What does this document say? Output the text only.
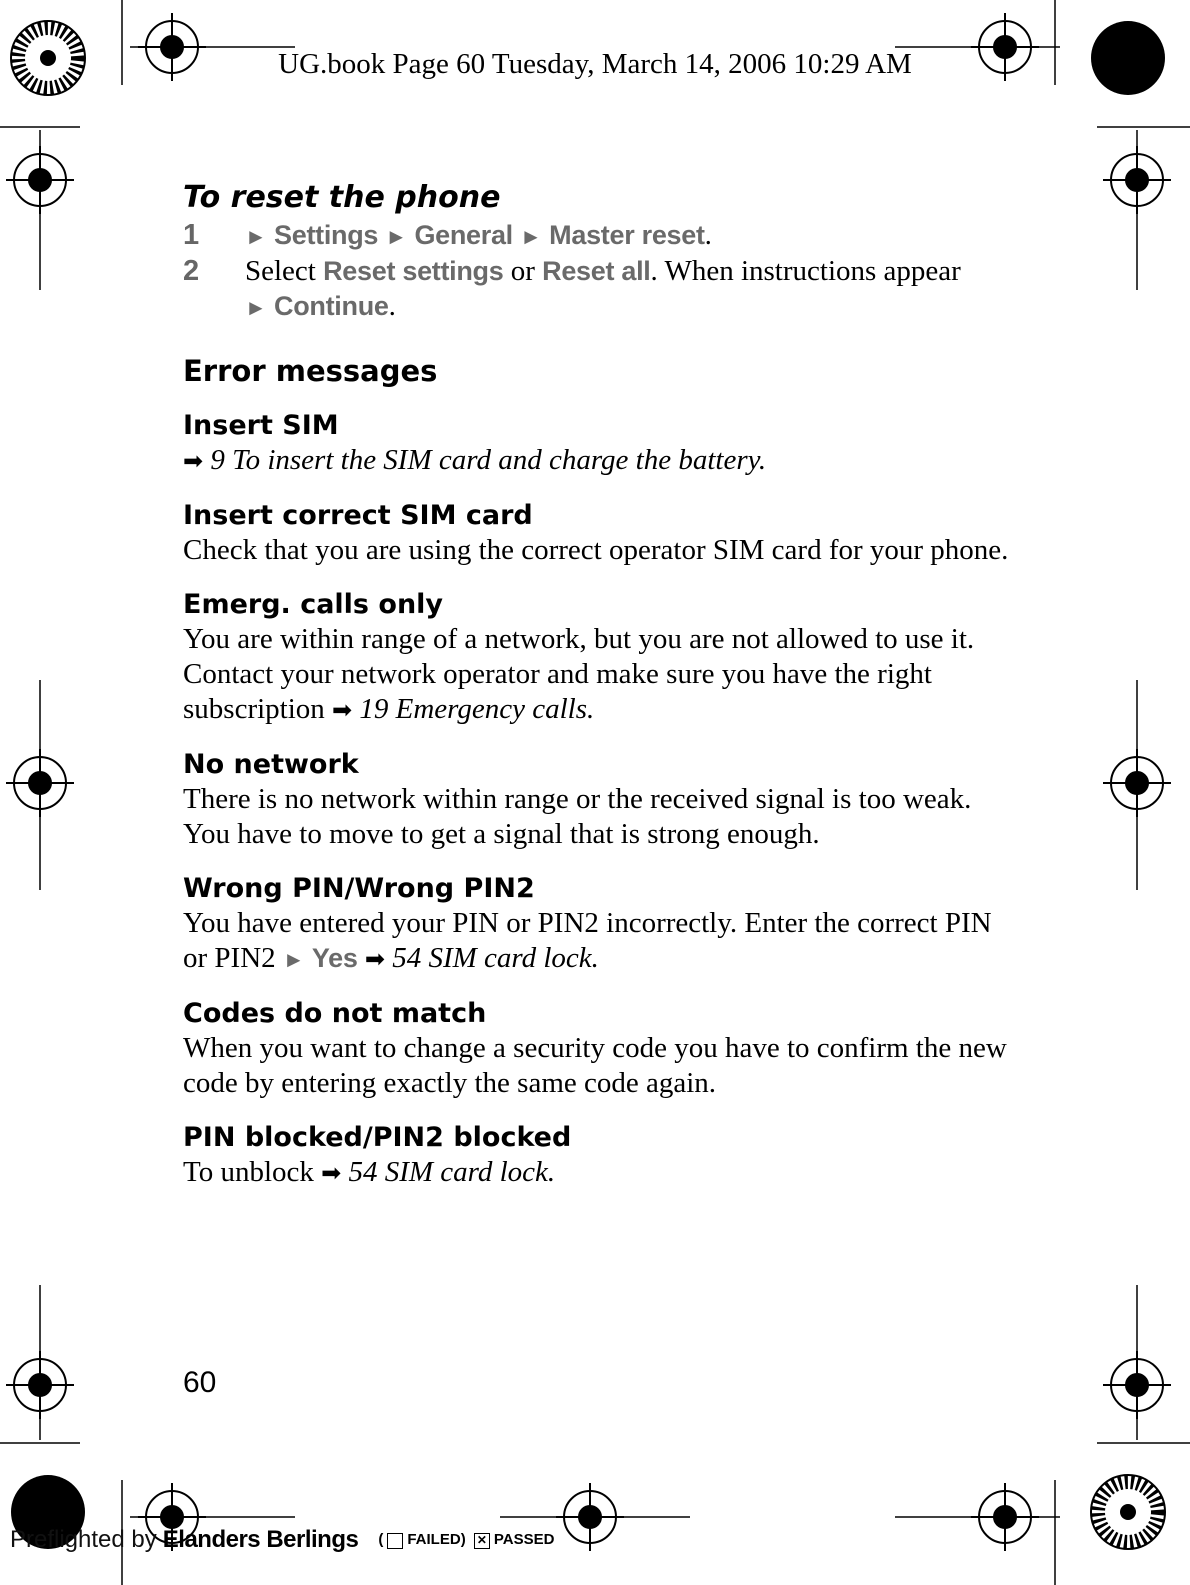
UG.book Page 60 Tuesday, March 14, 2006 10:29 AM
To reset the phone
1	► Settings ► General ► Master reset.
2	Select Reset settings or Reset all. When instructions appear
► Continue.
Error messages
Insert SIM

➡ 9 To insert the SIM card and charge the battery.

Insert correct SIM card

Check that you are using the correct operator SIM card for your phone.

Emerg. calls only

You are within range of a network, but you are not allowed to use it. Contact your network operator and make sure you have the right subscription ➡ 19 Emergency calls.

No network

There is no network within range or the received signal is too weak. You have to move to get a signal that is strong enough.

Wrong PIN/Wrong PIN2

You have entered your PIN or PIN2 incorrectly. Enter the correct PIN or PIN2 ► Yes ➡ 54 SIM card lock.

Codes do not match

When you want to change a security code you have to confirm the new code by entering exactly the same code again.

PIN blocked/PIN2 blocked

To unblock ➡ 54 SIM card lock.

60
Preflighted by Elanders Berlings ( FAILED) ✕ PASSED
